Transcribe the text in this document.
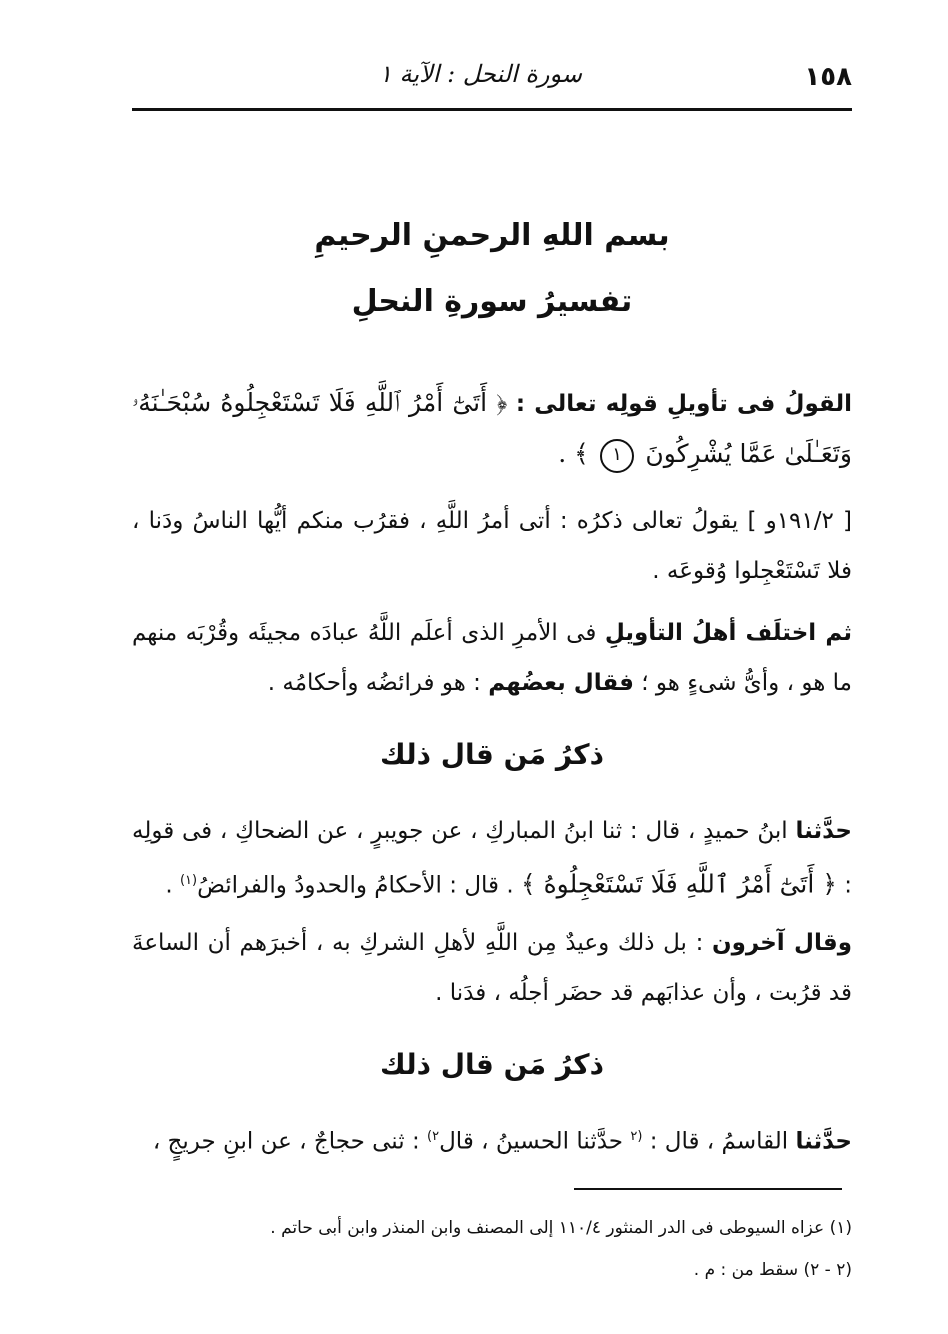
١٥٨
سورة النحل : الآية ١
بسم اللهِ الرحمنِ الرحيمِ
تفسيرُ سورةِ النحلِ
القولُ فى تأويلِ قولِه تعالى : ﴿ أَتَىٰٓ أَمْرُ ٱللَّهِ فَلَا تَسْتَعْجِلُوهُ سُبْحَـٰنَهُۥ وَتَعَـٰلَىٰ عَمَّا يُشْرِكُونَ ١ ﴾ .
[ ١٩١/٢و ] يقولُ تعالى ذكرُه : أتى أمرُ اللَّهِ ، فقرُب منكم أيُّها الناسُ ودَنا ، فلا تَسْتَعْجِلوا وُقوعَه .
ثم اختلَف أهلُ التأويلِ فى الأمرِ الذى أعلَم اللَّهُ عبادَه مجيئَه وقُرْبَه منهم ما هو ، وأىُّ شىءٍ هو ؛ فقال بعضُهم : هو فرائضُه وأحكامُه .
ذكرُ مَن قال ذلك
حدَّثنا ابنُ حميدٍ ، قال : ثنا ابنُ المباركِ ، عن جويبرٍ ، عن الضحاكِ ، فى قولِه : ﴿ أَتَىٰٓ أَمْرُ ٱللَّهِ فَلَا تَسْتَعْجِلُوهُ ﴾ . قال : الأحكامُ والحدودُ والفرائضُ$^{(١)}$ .
وقال آخرون : بل ذلك وعيدٌ مِن اللَّهِ لأهلِ الشركِ به ، أخبرَهم أن الساعةَ قد قرُبت ، وأن عذابَهم قد حضَر أجلُه ، فدَنا .
ذكرُ مَن قال ذلك
حدَّثنا القاسمُ ، قال : $^{(٢}$ حدَّثنا الحسينُ ، قال$^{٢)}$ : ثنى حجاجٌ ، عن ابنِ جريجٍ ،
(١) عزاه السيوطى فى الدر المنثور ١١٠/٤ إلى المصنف وابن المنذر وابن أبى حاتم .
(٢ - ٢) سقط من : م .
